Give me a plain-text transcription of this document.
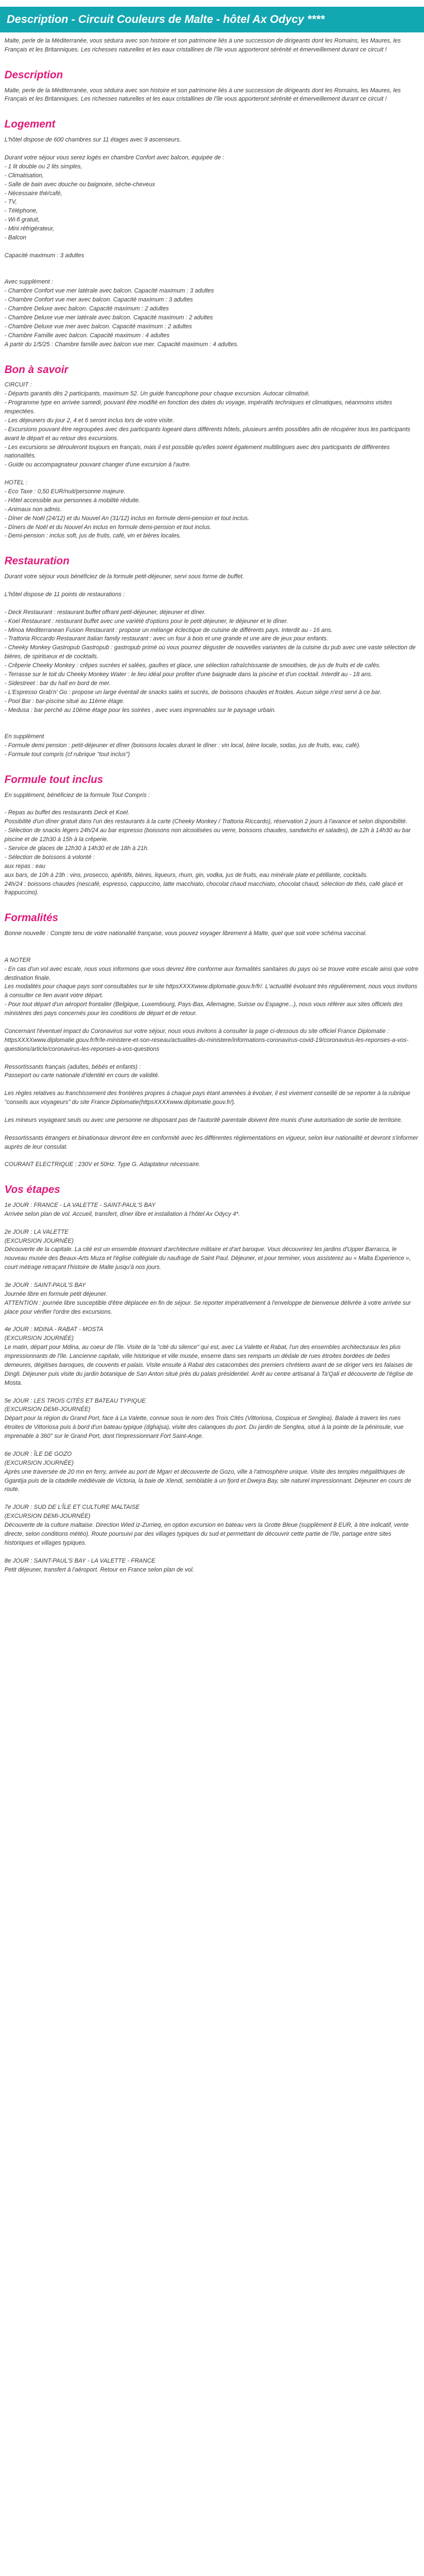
Description - Circuit Couleurs de Malte - hôtel Ax Odycy ****
Malte, perle de la Méditerranée, vous séduira avec son histoire et son patrimoine liés à une succession de dirigeants dont les Romains, les Maures, les Français et les Britanniques. Les richesses naturelles et les eaux cristallines de l'île vous apporteront sérénité et émerveillement durant ce circuit !
Description
Malte, perle de la Méditerranée, vous séduira avec son histoire et son patrimoine liés à une succession de dirigeants dont les Romains, les Maures, les Français et les Britanniques. Les richesses naturelles et les eaux cristallines de l'île vous apporteront sérénité et émerveillement durant ce circuit !
Logement
L'hôtel dispose de 600 chambres sur 11 étages avec 9 ascenseurs.
Durant votre séjour vous serez logés en chambre Confort avec balcon, équipée de :
- 1 lit double ou 2 lits simples,
- Climatisation,
- Salle de bain avec douche ou baignoire, sèche-cheveux
- Nécessaire thé/café,
- TV,
- Téléphone,
- Wi-fi gratuit,
- Mini réfrigérateur,
- Balcon
Capacité maximum : 3 adultes
Avec supplément :
- Chambre Confort vue mer latérale avec balcon. Capacité maximum : 3 adultes
- Chambre Confort vue mer avec balcon. Capacité maximum : 3 adultes
- Chambre Deluxe avec balcon. Capacité maximum : 2 adultes
- Chambre Deluxe vue mer latérale avec balcon. Capacité maximum : 2 adultes
- Chambre Deluxe vue mer avec balcon. Capacité maximum : 2 adultes
- Chambre Famille avec balcon. Capacité maximum : 4 adultes
A partir du 1/5/25 : Chambre famille avec balcon vue mer. Capacité maximum : 4 adultes.
Bon à savoir
CIRCUIT :
- Départs garantis dès 2 participants, maximum 52. Un guide francophone pour chaque excursion. Autocar climatisé.
- Programme type en arrivée samedi, pouvant être modifié en fonction des dates du voyage, impératifs techniques et climatiques, néanmoins visites respectées.
- Les déjeuners du jour 2, 4 et 6 seront inclus lors de votre visite.
- Excursions pouvant être regroupées avec des participants logeant dans différents hôtels, plusieurs arrêts possibles afin de récupérer tous les participants avant le départ et au retour des excursions.
- Les excursions se dérouleront toujours en français, mais il est possible qu'elles soient également multilingues avec des participants de différentes nationalités.
- Guide ou accompagnateur pouvant changer d'une excursion à l'autre.
HOTEL :
- Eco Taxe : 0,50 EUR/nuit/personne majeure.
- Hôtel accessible aux personnes à mobilité réduite.
- Animaux non admis.
- Dîner de Noël (24/12) et du Nouvel An (31/12) inclus en formule demi-pension et tout inclus.
- Dîners de Noël et du Nouvel An inclus en formule demi-pension et tout inclus.
- Demi-pension : inclus soft, jus de fruits, café, vin et bières locales.
Restauration
Durant votre séjour vous bénéficiez de la formule petit-déjeuner, servi sous forme de buffet.
L'hôtel dispose de 11 points de restaurations :
- Deck Restaurant : restaurant buffet offrant petit-déjeuner, déjeuner et dîner.
- Koel Restaurant : restaurant buffet avec une variété d'options pour le petit déjeuner, le déjeuner et le dîner.
- Minoa Mediterranean Fusion Restaurant : propose un mélange éclectique de cuisine de différents pays. Interdit au - 16 ans.
- Trattoria Riccardo Restaurant Italian family restaurant : avec un four à bois et une grande et une aire de jeux pour enfants.
- Cheeky Monkey Gastropub Gastropub : gastropub primé où vous pourrez déguster de nouvelles variantes de la cuisine du pub avec une vaste sélection de bières, de spiritueux et de cocktails.
- Crêperie Cheeky Monkey : crêpes sucrées et salées, gaufres et glace, une sélection rafraîchissante de smoothies, de jus de fruits et de cafés.
- Terrasse sur le toit du Cheeky Monkey Water : le lieu idéal pour profiter d'une baignade dans la piscine et d'un cocktail. Interdit au - 18 ans.
- Sidestreet : bar du hall en bord de mer.
- L'Espresso Grab'n' Go : propose un large éventail de snacks salés et sucrés, de boissons chaudes et froides. Aucun siège n'est servi à ce bar.
- Pool Bar : bar-piscine situé au 11ème étage.
- Medusa : bar perché au 10ème étage pour les soirées , avec vues imprenables sur le paysage urbain.
En supplément
- Formule demi pension : petit-déjeuner et dîner (boissons locales durant le dîner : vin local, bière locale, sodas, jus de fruits, eau, café).
- Formule tout compris (cf rubrique "tout inclus")
Formule tout inclus
En supplément, bénéficiez de la formule Tout Compris :
- Repas au buffet des restaurants Deck et Koel.
Possibilité d'un dîner gratuit dans l'un des restaurants à la carte (Cheeky Monkey / Trattoria Riccardo), réservation 2 jours à l'avance et selon disponibilité.
- Sélection de snacks légers 24h/24 au bar espresso (boissons non alcoolisées ou verre, boissons chaudes, sandwichs et salades), de 12h à 14h30 au bar piscine et de 12h30 à 15h à la crêperie.
- Service de glaces de 12h30 à 14h30 et de 18h à 21h.
- Sélection de boissons à volonté :
aux repas : eau
aux bars, de 10h à 23h : vins, prosecco, apéritifs, bières, liqueurs, rhum, gin, vodka, jus de fruits, eau minérale plate et pétillante, cocktails.
24h/24 : boissons chaudes (nescafé, espresso, cappuccino, latte macchiato, chocolat chaud macchiato, chocolat chaud, sélection de thés, café glacé et frappuccino).
Formalités
Bonne nouvelle : Compte tenu de votre nationalité française, vous pouvez voyager librement à Malte, quel que soit votre schéma vaccinal.
A NOTER
- En cas d'un vol avec escale, nous vous informons que vous devrez être conforme aux formalités sanitaires du pays où se trouve votre escale ainsi que votre destination finale.
Les modalités pour chaque pays sont consultables sur le site httpsXXXXwww.diplomatie.gouv.fr/fr/. L'actualité évoluant très régulièrement, nous vous invitons à consulter ce lien avant votre départ.
- Pour tout départ d'un aéroport frontalier (Belgique, Luxembourg, Pays-Bas, Allemagne, Suisse ou Espagne...), nous vous référer aux sites officiels des ministères des pays concernés pour les conditions de départ et de retour.
Concernant l'éventuel impact du Coronavirus sur votre séjour, nous vous invitons à consulter la page ci-dessous du site officiel France Diplomatie :
httpsXXXXwww.diplomatie.gouv.fr/fr/le-ministere-et-son-reseau/actualites-du-ministere/informations-coronavirus-covid-19/coronavirus-les-reponses-a-vos-questions/article/coronavirus-les-reponses-a-vos-questions
Ressortissants français (adultes, bébés et enfants) :
Passeport ou carte nationale d'identité en cours de validité.
Les règles relatives au franchissement des frontières propres à chaque pays étant amenées à évoluer, il est vivement conseillé de se reporter à la rubrique "conseils aux voyageurs" du site France Diplomatie(httpsXXXXwww.diplomatie.gouv.fr/).
Les mineurs voyageant seuls ou avec une personne ne disposant pas de l'autorité parentale doivent être munis d'une autorisation de sortie de territoire.
Ressortissants étrangers et binationaux devront être en conformité avec les différentes réglementations en vigueur, selon leur nationalité et devront s'informer auprès de leur consulat.
COURANT ELECTRIQUE : 230V et 50Hz. Type G. Adaptateur nécessaire.
Vos étapes
1e JOUR : FRANCE - LA VALETTE - SAINT-PAUL'S BAY
Arrivée selon plan de vol. Accueil, transfert, dîner libre et installation à l'hôtel Ax Odycy 4*.
2e JOUR : LA VALETTE
(EXCURSION JOURNÉE)
Découverte de la capitale. La cité est un ensemble étonnant d'architecture militaire et d'art baroque. Vous découvrirez les jardins d'Upper Barracca, le nouveau musée des Beaux-Arts Muza et l'église collégiale du naufrage de Saint Paul. Déjeuner, et pour terminer, vous assisterez au « Malta Experience », court métrage retraçant l'histoire de Malte jusqu'à nos jours.
3e JOUR : SAINT-PAUL'S BAY
Journée libre en formule petit déjeuner.
ATTENTION : journée libre susceptible d'être déplacée en fin de séjour. Se reporter impérativement à l'enveloppe de bienvenue délivrée à votre arrivée sur place pour vérifier l'ordre des excursions.
4e JOUR : MDINA - RABAT - MOSTA
(EXCURSION JOURNÉE)
Le matin, départ pour Mdina, au coeur de l'île. Visite de la "cité du silence" qui est, avec La Valette et Rabat, l'un des ensembles architecturaux les plus impressionnants de l'île. Lancienne capitale, ville historique et ville musée, enserre dans ses remparts un dédale de rues étroites bordées de belles demeures, dégitises baroques, de couvents et palais. Visite ensuite à Rabat des catacombes des premiers chrétiens avant de se diriger vers les falaises de Dingli. Déjeuner puis visite du jardin botanique de San Anton situé près du palais présidentiel. Arrêt au centre artisanal à Ta'Qali et découverte de l'église de Mosta.
5e JOUR : LES TROIS CITÉS ET BATEAU TYPIQUE
(EXCURSION DEMI-JOURNÉE)
Départ pour la région du Grand Port, face à La Valette, connue sous le nom des Trois Cités (Vittoriosa, Cospicua et Senglea). Balade à travers les rues étroites de Vittoriosa puis à bord d'un bateau typique (dghajsa), visite des calanques du port. Du jardin de Senglea, situé à la pointe de la péninsule, vue imprenable à 360° sur le Grand Port, dont l'impressionnant Fort Saint-Ange.
6e JOUR : ÎLE DE GOZO
(EXCURSION JOURNÉE)
Après une traversée de 20 mn en ferry, arrivée au port de Mgarr et découverte de Gozo, ville à l'atmosphère unique. Visite des temples mégalithiques de Ggantija puis de la citadelle médiévale de Victoria, la baie de Xlendi, semblable à un fjord et Dwejra Bay, site naturel impressionnant. Déjeuner en cours de route.
7e JOUR : SUD DE L'ÎLE ET CULTURE MALTAISE
(EXCURSION DEMI-JOURNÉE)
Découverte de la culture maltaise. Direction Wied iz-Zurrieq, en option excursion en bateau vers la Grotte Bleue (supplément 8 EUR, à titre indicatif, vente directe, selon conditions météo). Route poursuivi par des villages typiques du sud et permettant de découvrir cette partie de l'île, partage entre sites historiques et villages typiques.
8e JOUR : SAINT-PAUL'S BAY - LA VALETTE - FRANCE
Petit déjeuner, transfert à l'aéroport. Retour en France selon plan de vol.
